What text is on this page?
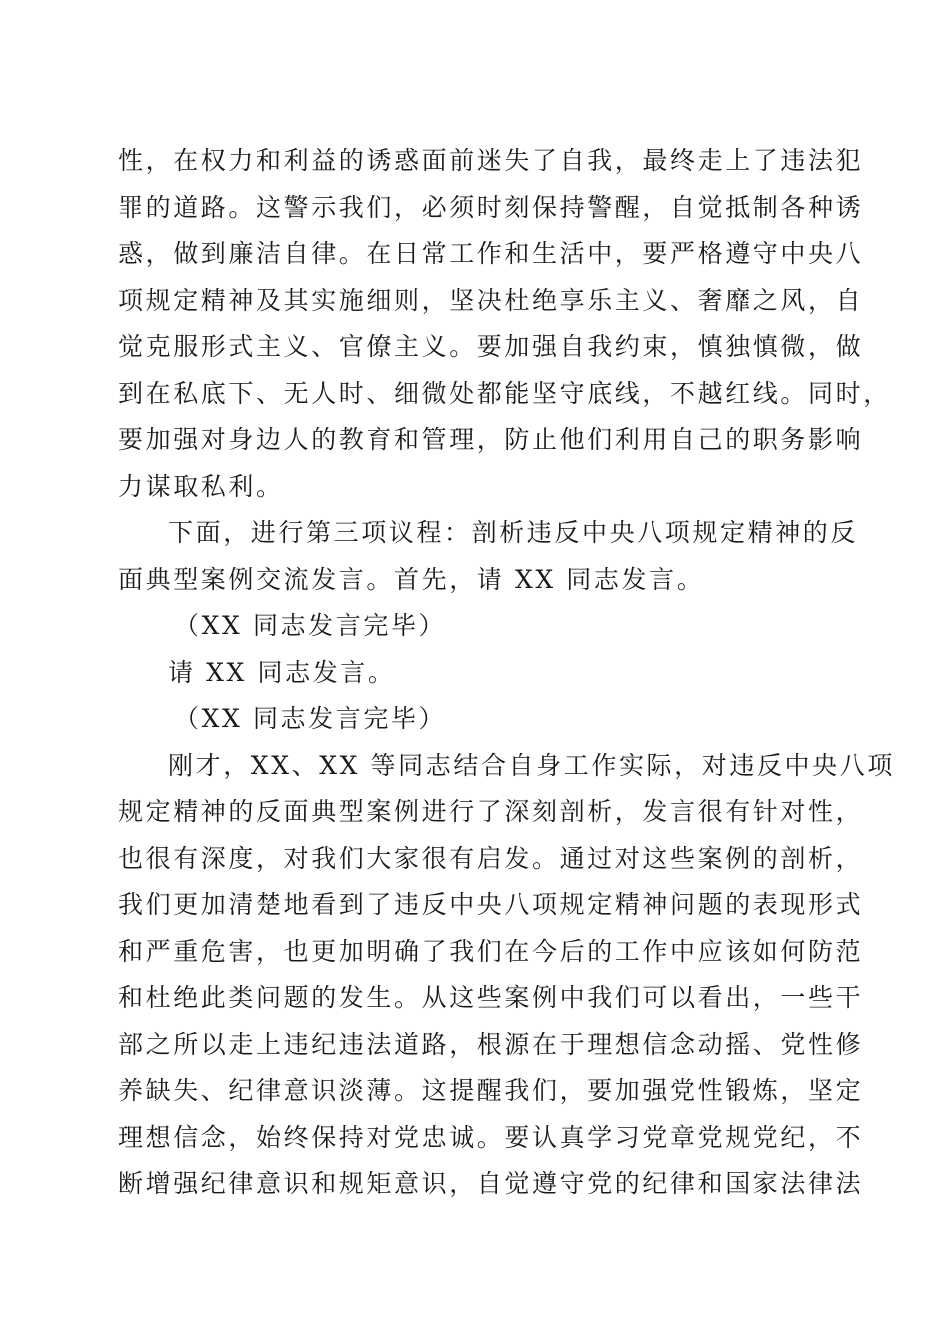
性，在权力和利益的诱惑面前迷失了自我，最终走上了违法犯
罪的道路。这警示我们，必须时刻保持警醒，自觉抵制各种诱
惑，做到廉洁自律。在日常工作和生活中，要严格遵守中央八
项规定精神及其实施细则，坚决杜绝享乐主义、奢靡之风，自
觉克服形式主义、官僚主义。要加强自我约束，慎独慎微，做
到在私底下、无人时、细微处都能坚守底线，不越红线。同时，
要加强对身边人的教育和管理，防止他们利用自己的职务影响
力谋取私利。
下面，进行第三项议程：剖析违反中央八项规定精神的反
面典型案例交流发言。首先，请 XX 同志发言。
（XX 同志发言完毕）
请 XX 同志发言。
（XX 同志发言完毕）
刚才，XX、XX 等同志结合自身工作实际，对违反中央八项
规定精神的反面典型案例进行了深刻剖析，发言很有针对性，
也很有深度，对我们大家很有启发。通过对这些案例的剖析，
我们更加清楚地看到了违反中央八项规定精神问题的表现形式
和严重危害，也更加明确了我们在今后的工作中应该如何防范
和杜绝此类问题的发生。从这些案例中我们可以看出，一些干
部之所以走上违纪违法道路，根源在于理想信念动摇、党性修
养缺失、纪律意识淡薄。这提醒我们，要加强党性锻炼，坚定
理想信念，始终保持对党忠诚。要认真学习党章党规党纪，不
断增强纪律意识和规矩意识，自觉遵守党的纪律和国家法律法
